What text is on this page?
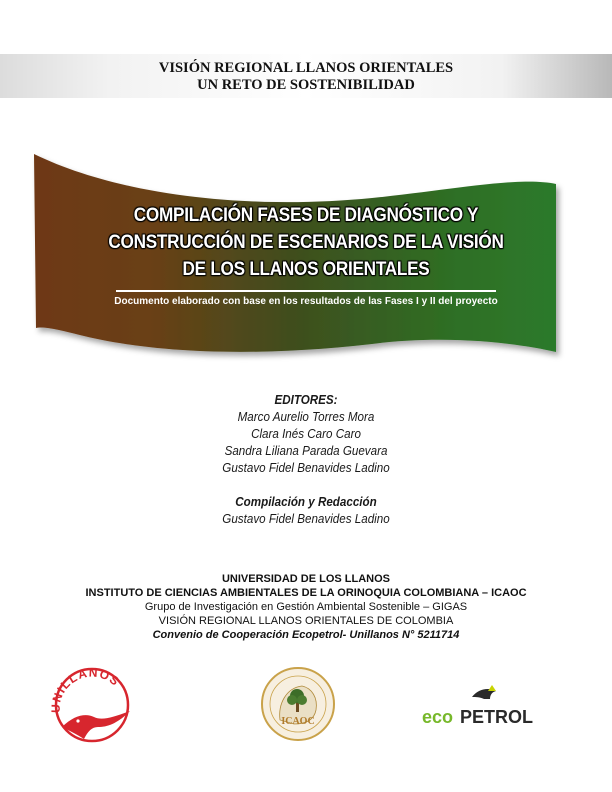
VISIÓN REGIONAL LLANOS ORIENTALES
UN RETO DE SOSTENIBILIDAD
COMPILACIÓN FASES DE DIAGNÓSTICO Y
CONSTRUCCIÓN DE ESCENARIOS DE LA VISIÓN
DE LOS LLANOS ORIENTALES
Documento elaborado con base en los resultados de las Fases I y II del proyecto
EDITORES:
Marco Aurelio Torres Mora
Clara Inés Caro Caro
Sandra Liliana Parada Guevara
Gustavo Fidel Benavides Ladino
Compilación y Redacción
Gustavo Fidel Benavides Ladino
UNIVERSIDAD DE LOS LLANOS
INSTITUTO DE CIENCIAS AMBIENTALES DE LA ORINOQUIA COLOMBIANA – ICAOC
Grupo de Investigación en Gestión Ambiental Sostenible – GIGAS
VISIÓN REGIONAL LLANOS ORIENTALES DE COLOMBIA
Convenio de Cooperación Ecopetrol- Unillanos N° 5211714
UNILLANOS
ICAOC	eco PETROL
